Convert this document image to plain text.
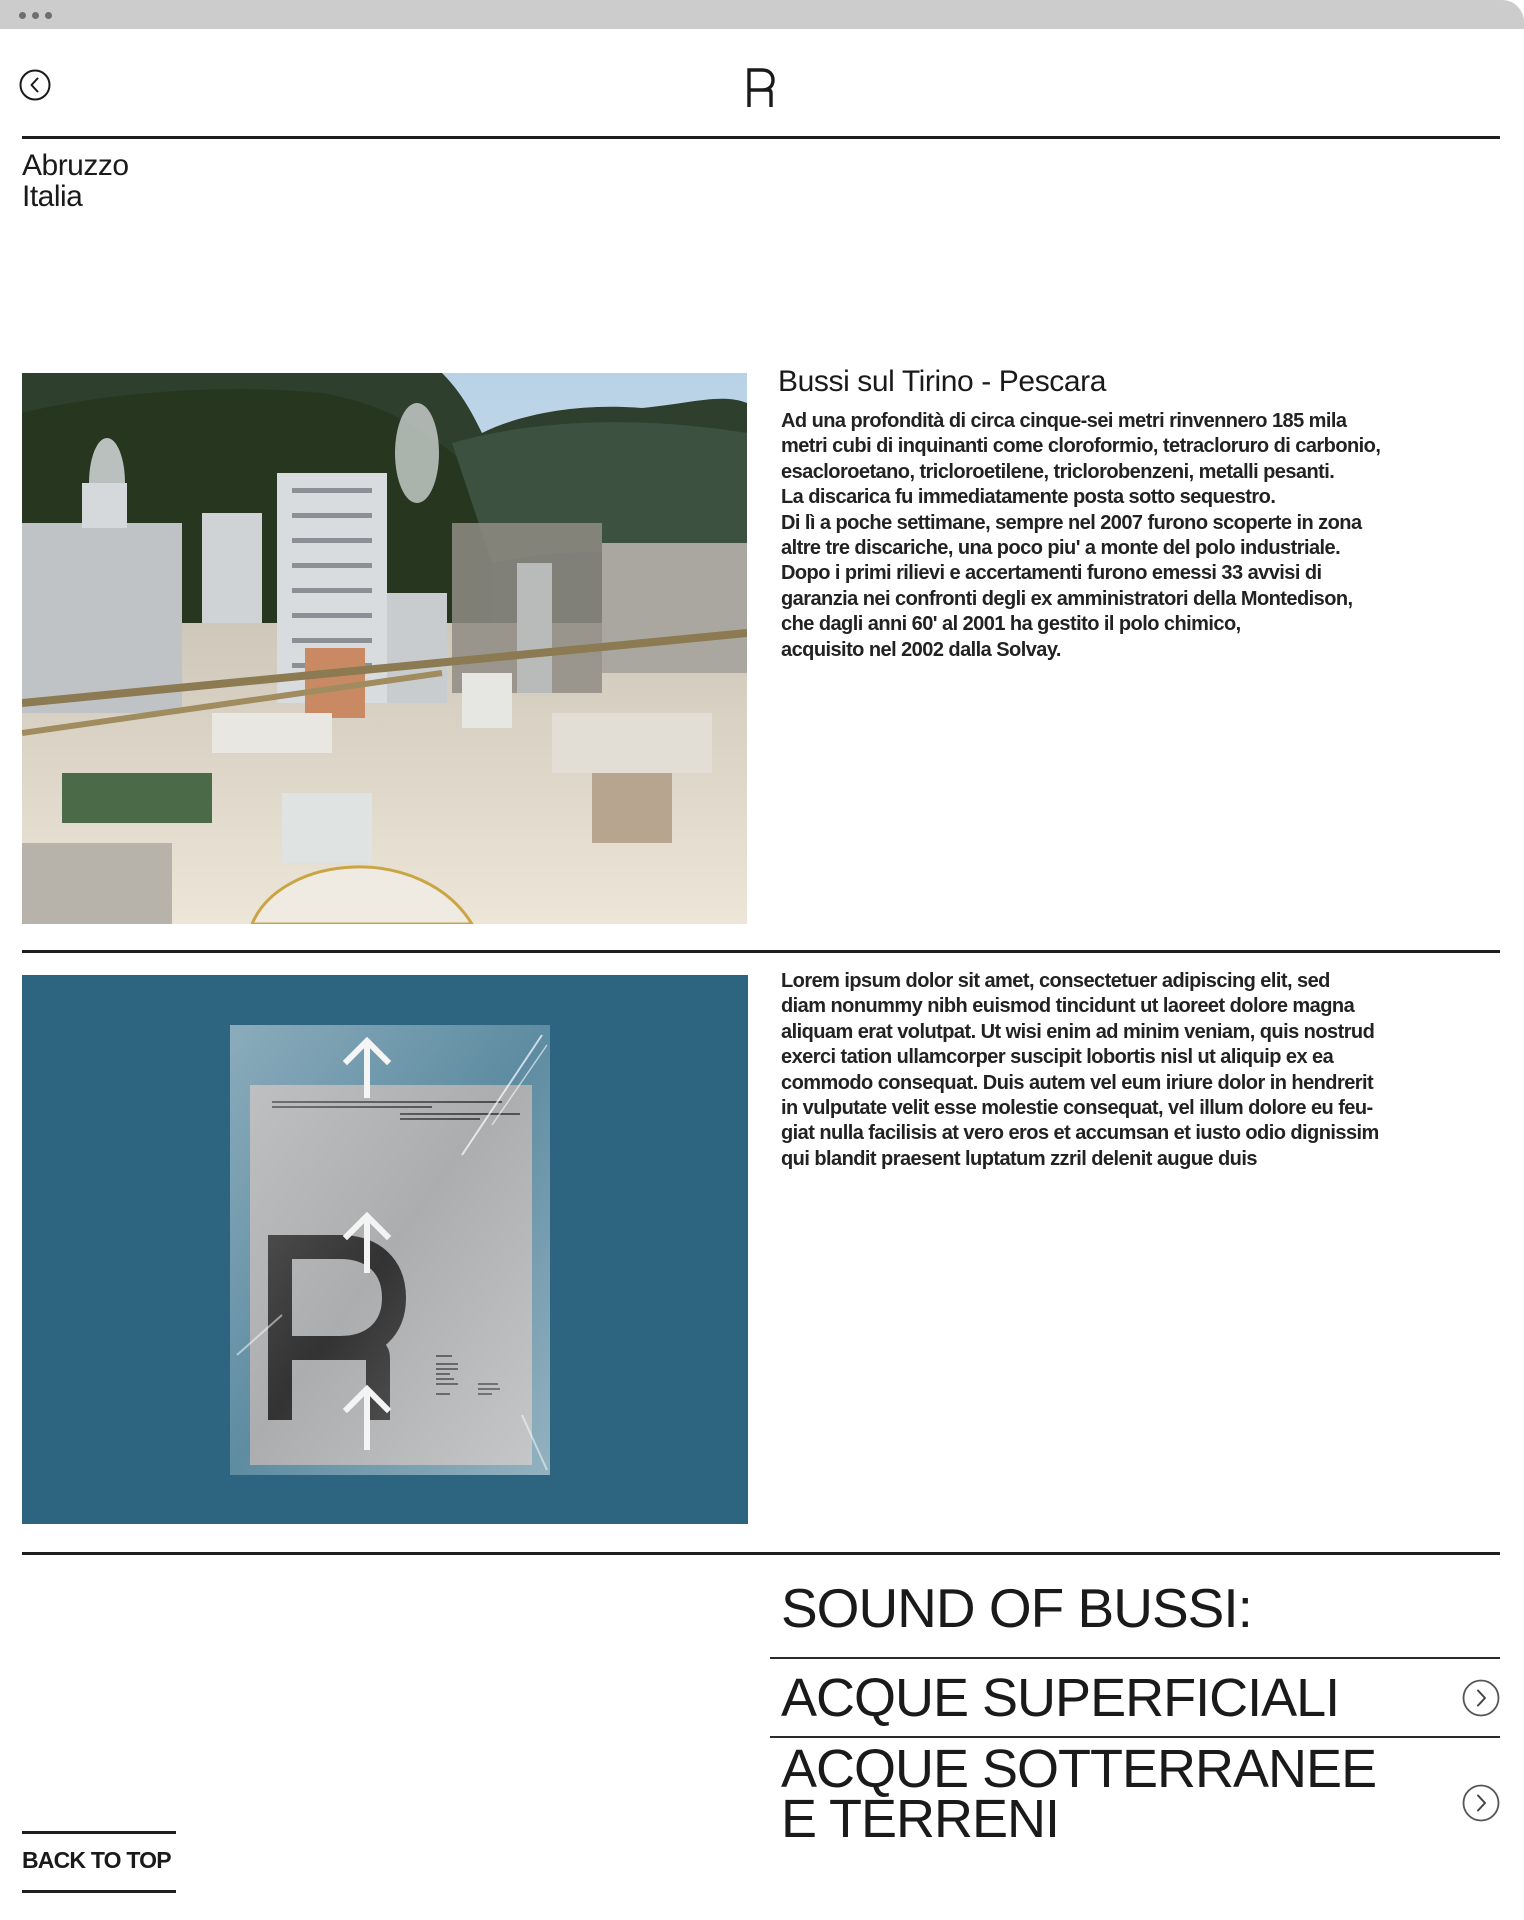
Abruzzo
Italia
Bussi sul Tirino - Pescara
Ad una profondità di circa cinque-sei metri rinvennero 185 mila
metri cubi di inquinanti come cloroformio, tetracloruro di carbonio,
esacloroetano, tricloroetilene, triclorobenzeni, metalli pesanti.
La discarica fu immediatamente posta sotto sequestro.
Di lì a poche settimane, sempre nel 2007 furono scoperte in zona
altre tre discariche, una poco piu' a monte del polo industriale.
Dopo i primi rilievi e accertamenti furono emessi 33 avvisi di
garanzia nei confronti degli ex amministratori della Montedison,
che dagli anni 60' al 2001 ha gestito il polo chimico,
acquisito nel 2002 dalla Solvay.
Lorem ipsum dolor sit amet, consectetuer adipiscing elit, sed
diam nonummy nibh euismod tincidunt ut laoreet dolore magna
aliquam erat volutpat. Ut wisi enim ad minim veniam, quis nostrud
exerci tation ullamcorper suscipit lobortis nisl ut aliquip ex ea
commodo consequat. Duis autem vel eum iriure dolor in hendrerit
in vulputate velit esse molestie consequat, vel illum dolore eu feu-
giat nulla facilisis at vero eros et accumsan et iusto odio dignissim
qui blandit praesent luptatum zzril delenit augue duis
SOUND OF BUSSI:
ACQUE SUPERFICIALI
ACQUE SOTTERRANEE
E TERRENI
BACK TO TOP
